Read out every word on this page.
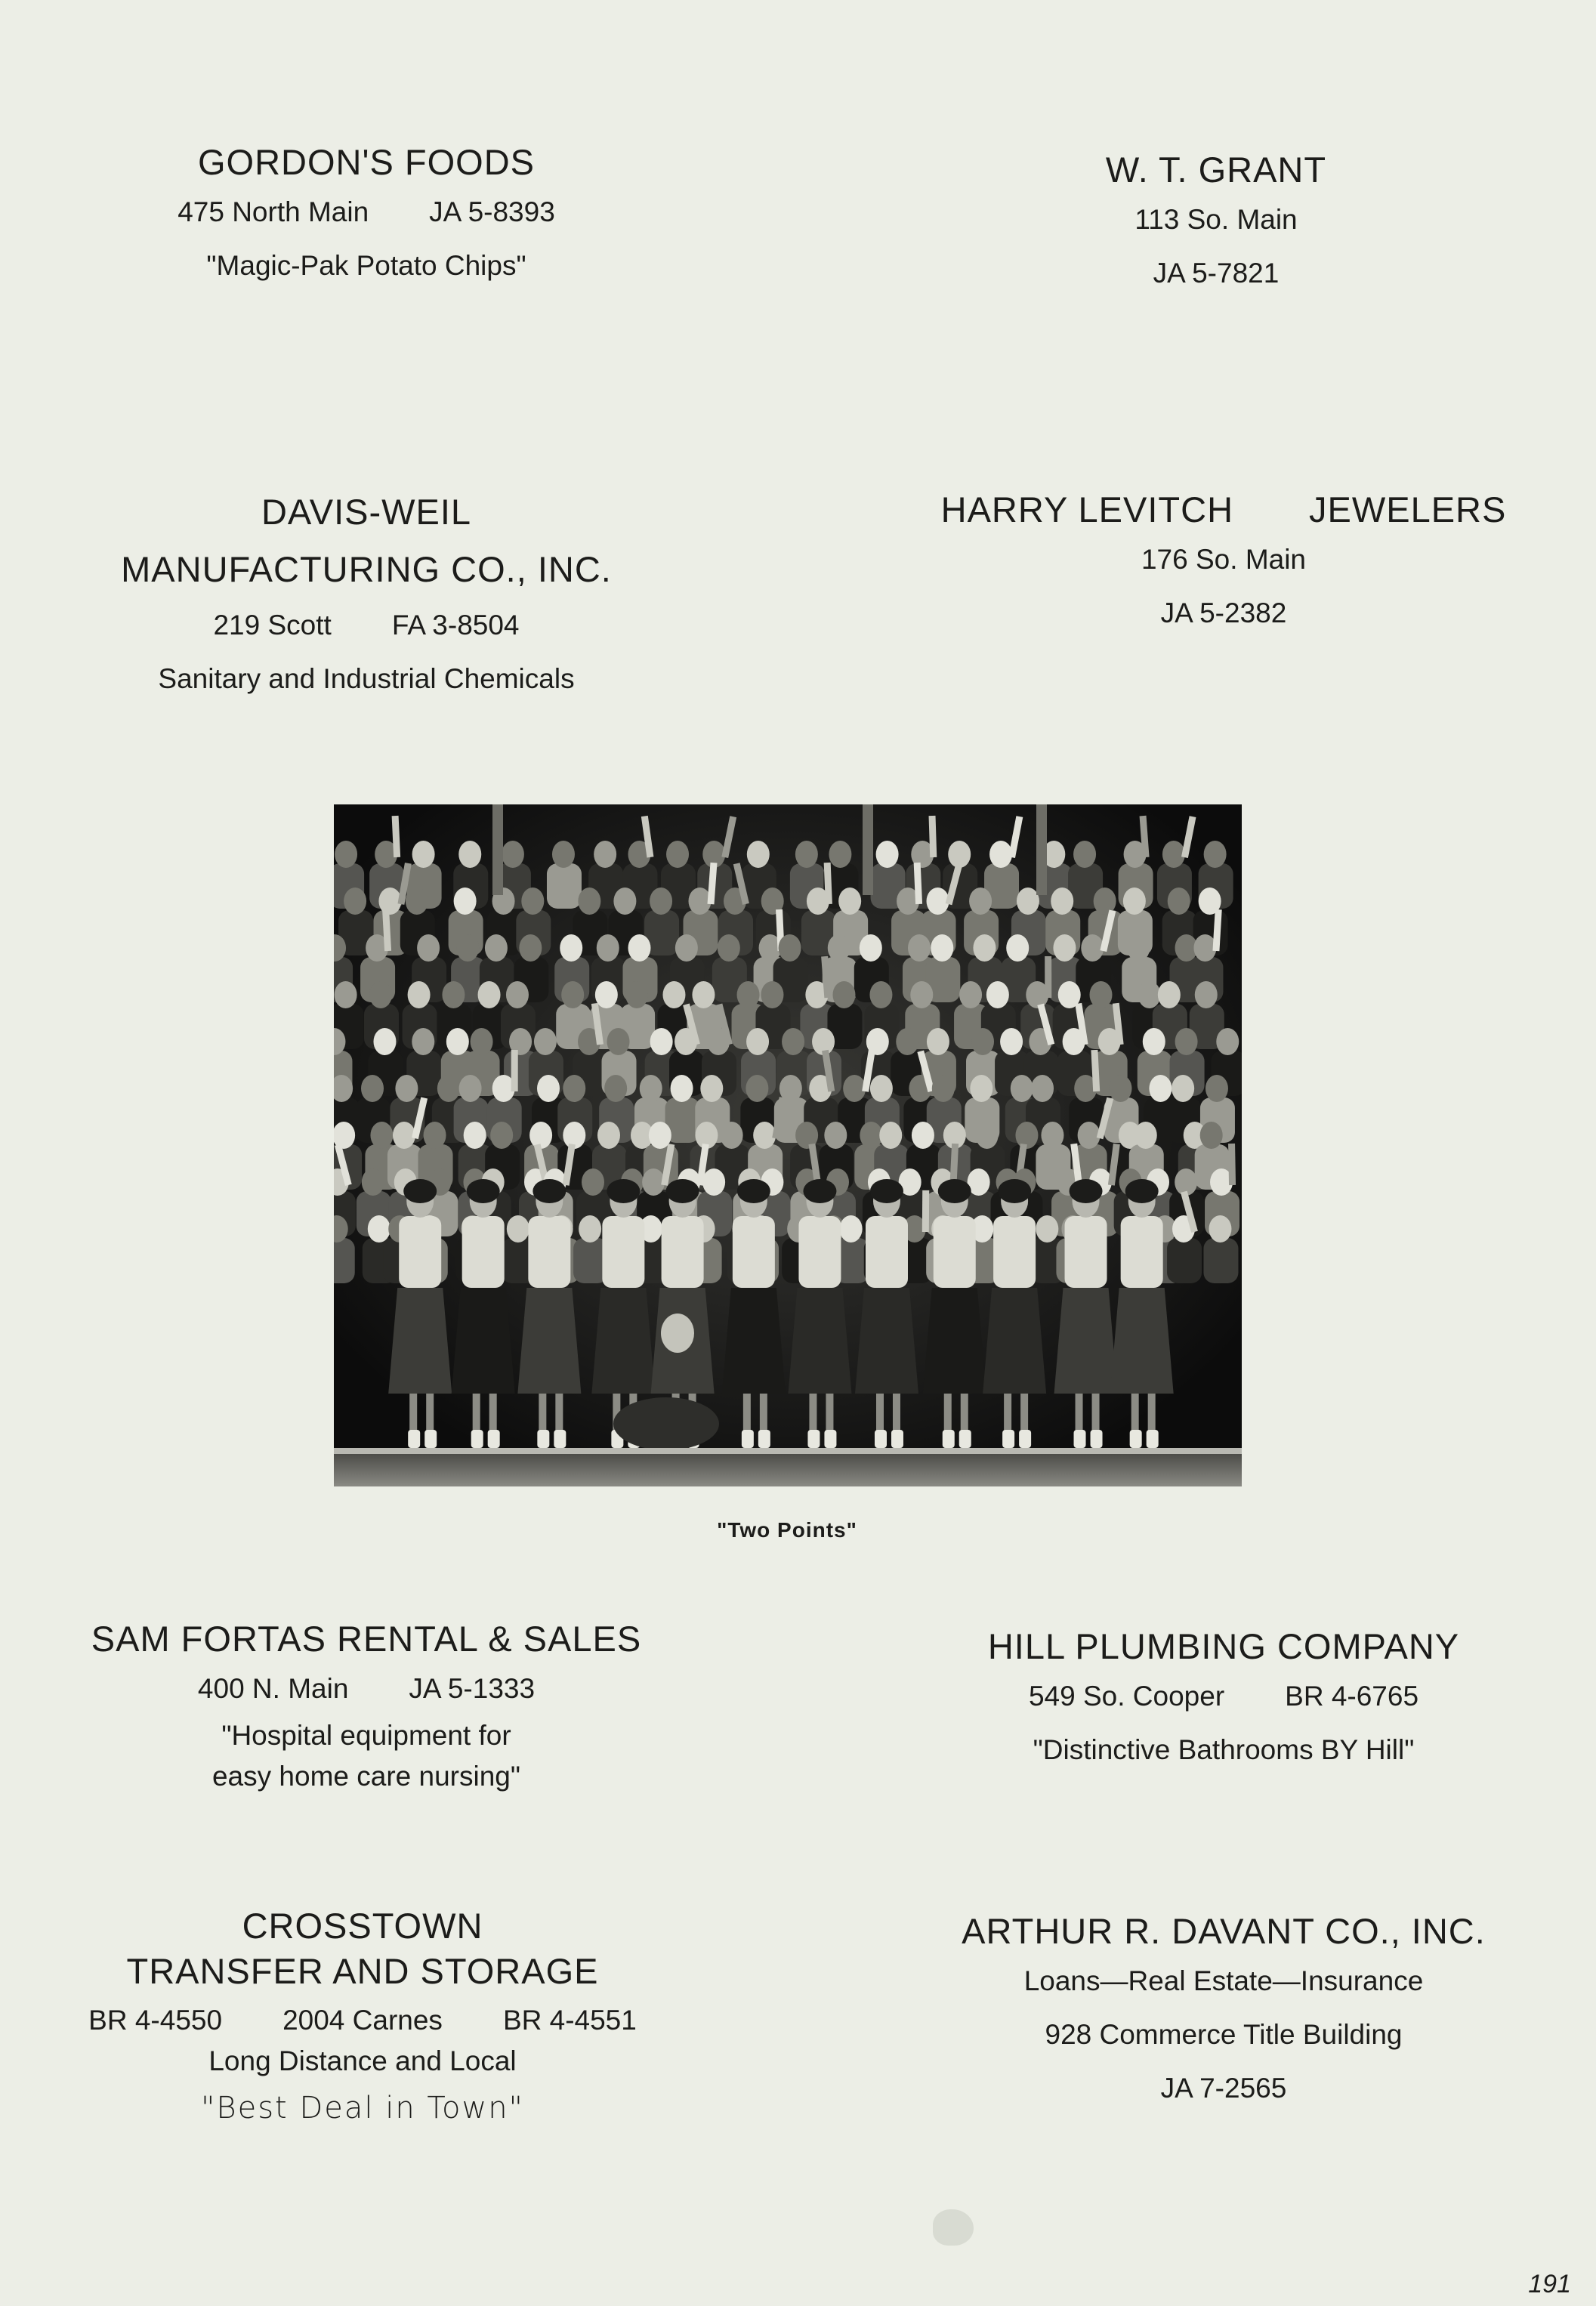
GORDON'S FOODS
475 North Main JA 5-8393
"Magic-Pak Potato Chips"
W. T. GRANT
113 So. Main
JA 5-7821
DAVIS-WEIL
MANUFACTURING CO., INC.
219 Scott FA 3-8504
Sanitary and Industrial Chemicals
HARRY LEVITCH JEWELERS
176 So. Main
JA 5-2382
"Two Points"
SAM FORTAS RENTAL & SALES
400 N. Main JA 5-1333
"Hospital equipment for
easy home care nursing"
HILL PLUMBING COMPANY
549 So. Cooper BR 4-6765
"Distinctive Bathrooms BY Hill"
CROSSTOWN
TRANSFER AND STORAGE
BR 4-4550 2004 Carnes BR 4-4551
Long Distance and Local
"Best Deal in Town"
ARTHUR R. DAVANT CO., INC.
Loans—Real Estate—Insurance
928 Commerce Title Building
JA 7-2565
191
